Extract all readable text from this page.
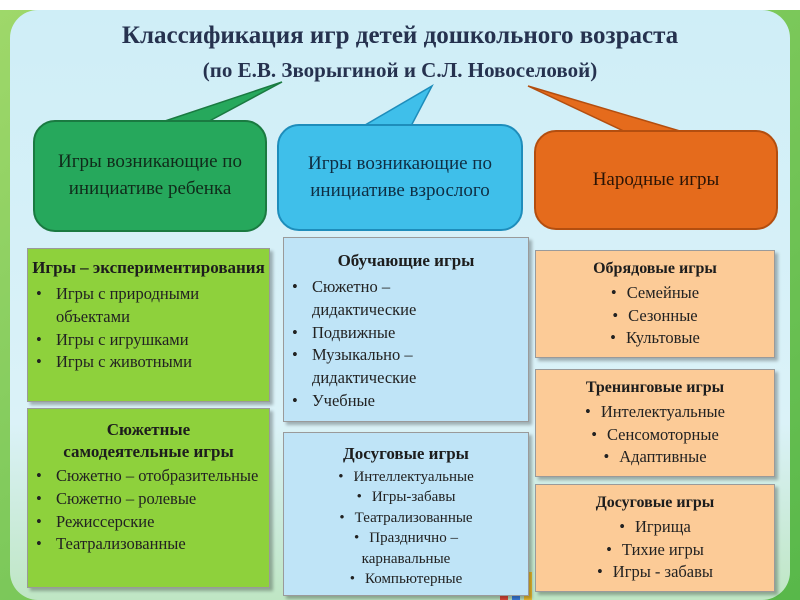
Классификация игр детей дошкольного возраста
(по Е.В. Зворыгиной и С.Л. Новоселовой)
Игры возникающие по инициативе ребенка
Игры возникающие по инициативе взрослого
Народные игры
Игры – экспериментирования
• Игры с природными объектами
• Игры с игрушками
• Игры с животными
Сюжетные самодеятельные игры
• Сюжетно – отобразительные
• Сюжетно – ролевые
• Режиссерские
• Театрализованные
Обучающие игры
• Сюжетно – дидактические
• Подвижные
• Музыкально – дидактические
• Учебные
Досуговые игры
• Интеллектуальные
• Игры-забавы
• Театрализованные
• Празднично – карнавальные
• Компьютерные
Обрядовые игры
• Семейные
• Сезонные
• Культовые
Тренинговые игры
• Интелектуальные
• Сенсомоторные
• Адаптивные
Досуговые игры
• Игрища
• Тихие игры
• Игры - забавы
